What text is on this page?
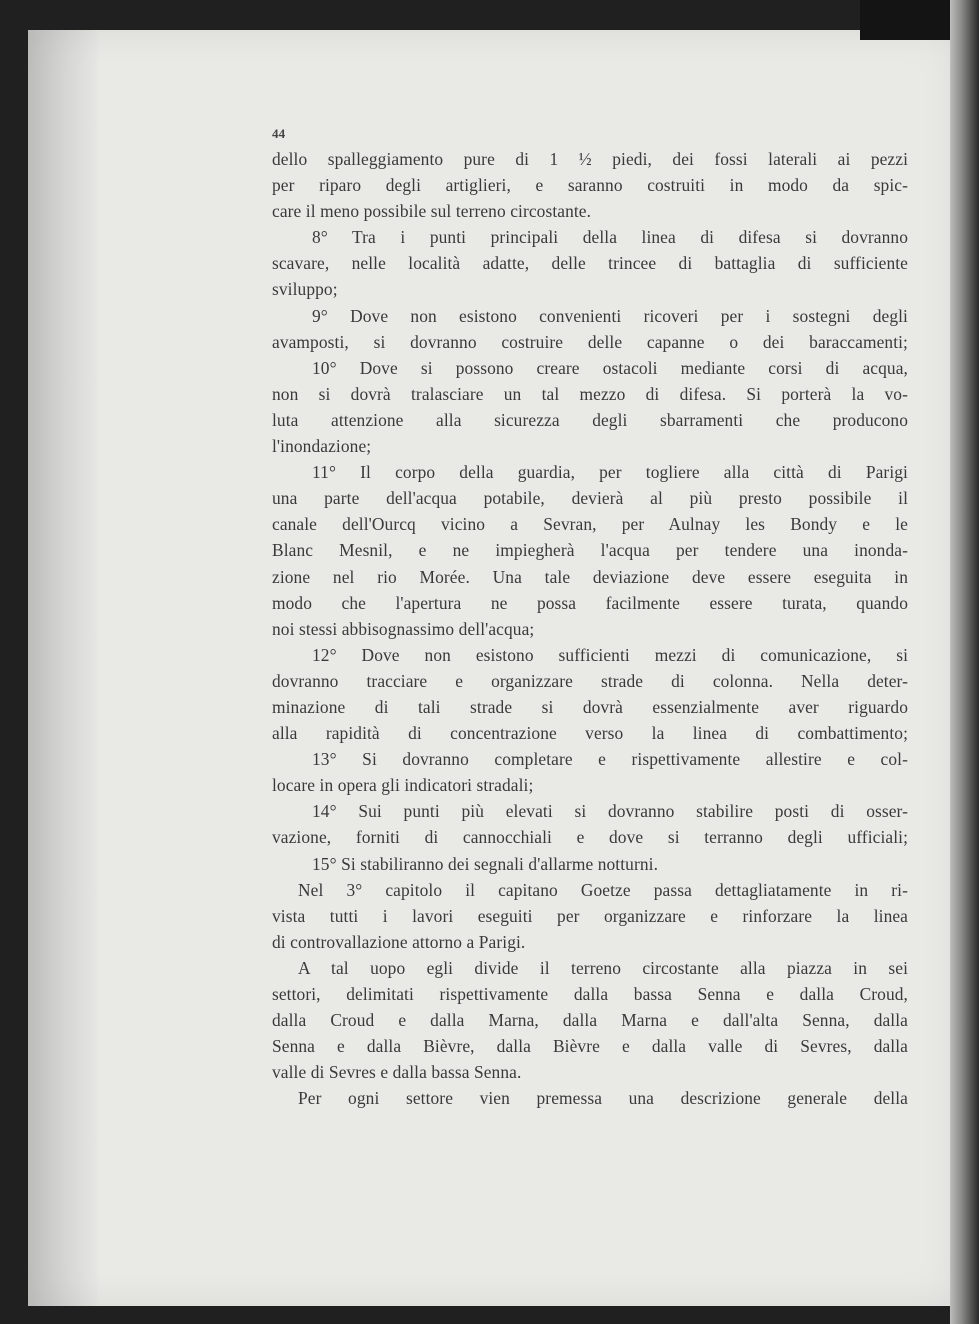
44
dello spalleggiamento pure di 1 ½ piedi, dei fossi laterali ai pezzi
per riparo degli artiglieri, e saranno costruiti in modo da spic-
care il meno possibile sul terreno circostante.
8° Tra i punti principali della linea di difesa si dovranno
scavare, nelle località adatte, delle trincee di battaglia di sufficiente
sviluppo;
9° Dove non esistono convenienti ricoveri per i sostegni degli
avamposti, si dovranno costruire delle capanne o dei baraccamenti;
10° Dove si possono creare ostacoli mediante corsi di acqua,
non si dovrà tralasciare un tal mezzo di difesa. Si porterà la vo-
luta attenzione alla sicurezza degli sbarramenti che producono
l'inondazione;
11° Il corpo della guardia, per togliere alla città di Parigi
una parte dell'acqua potabile, devierà al più presto possibile il
canale dell'Ourcq vicino a Sevran, per Aulnay les Bondy e le
Blanc Mesnil, e ne impiegherà l'acqua per tendere una inonda-
zione nel rio Morée. Una tale deviazione deve essere eseguita in
modo che l'apertura ne possa facilmente essere turata, quando
noi stessi abbisognassimo dell'acqua;
12° Dove non esistono sufficienti mezzi di comunicazione, si
dovranno tracciare e organizzare strade di colonna. Nella deter-
minazione di tali strade si dovrà essenzialmente aver riguardo
alla rapidità di concentrazione verso la linea di combattimento;
13° Si dovranno completare e rispettivamente allestire e col-
locare in opera gli indicatori stradali;
14° Sui punti più elevati si dovranno stabilire posti di osser-
vazione, forniti di cannocchiali e dove si terranno degli ufficiali;
15° Si stabiliranno dei segnali d'allarme notturni.
Nel 3° capitolo il capitano Goetze passa dettagliatamente in ri-
vista tutti i lavori eseguiti per organizzare e rinforzare la linea
di controvallazione attorno a Parigi.
A tal uopo egli divide il terreno circostante alla piazza in sei
settori, delimitati rispettivamente dalla bassa Senna e dalla Croud,
dalla Croud e dalla Marna, dalla Marna e dall'alta Senna, dalla
Senna e dalla Bièvre, dalla Bièvre e dalla valle di Sevres, dalla
valle di Sevres e dalla bassa Senna.
Per ogni settore vien premessa una descrizione generale della
